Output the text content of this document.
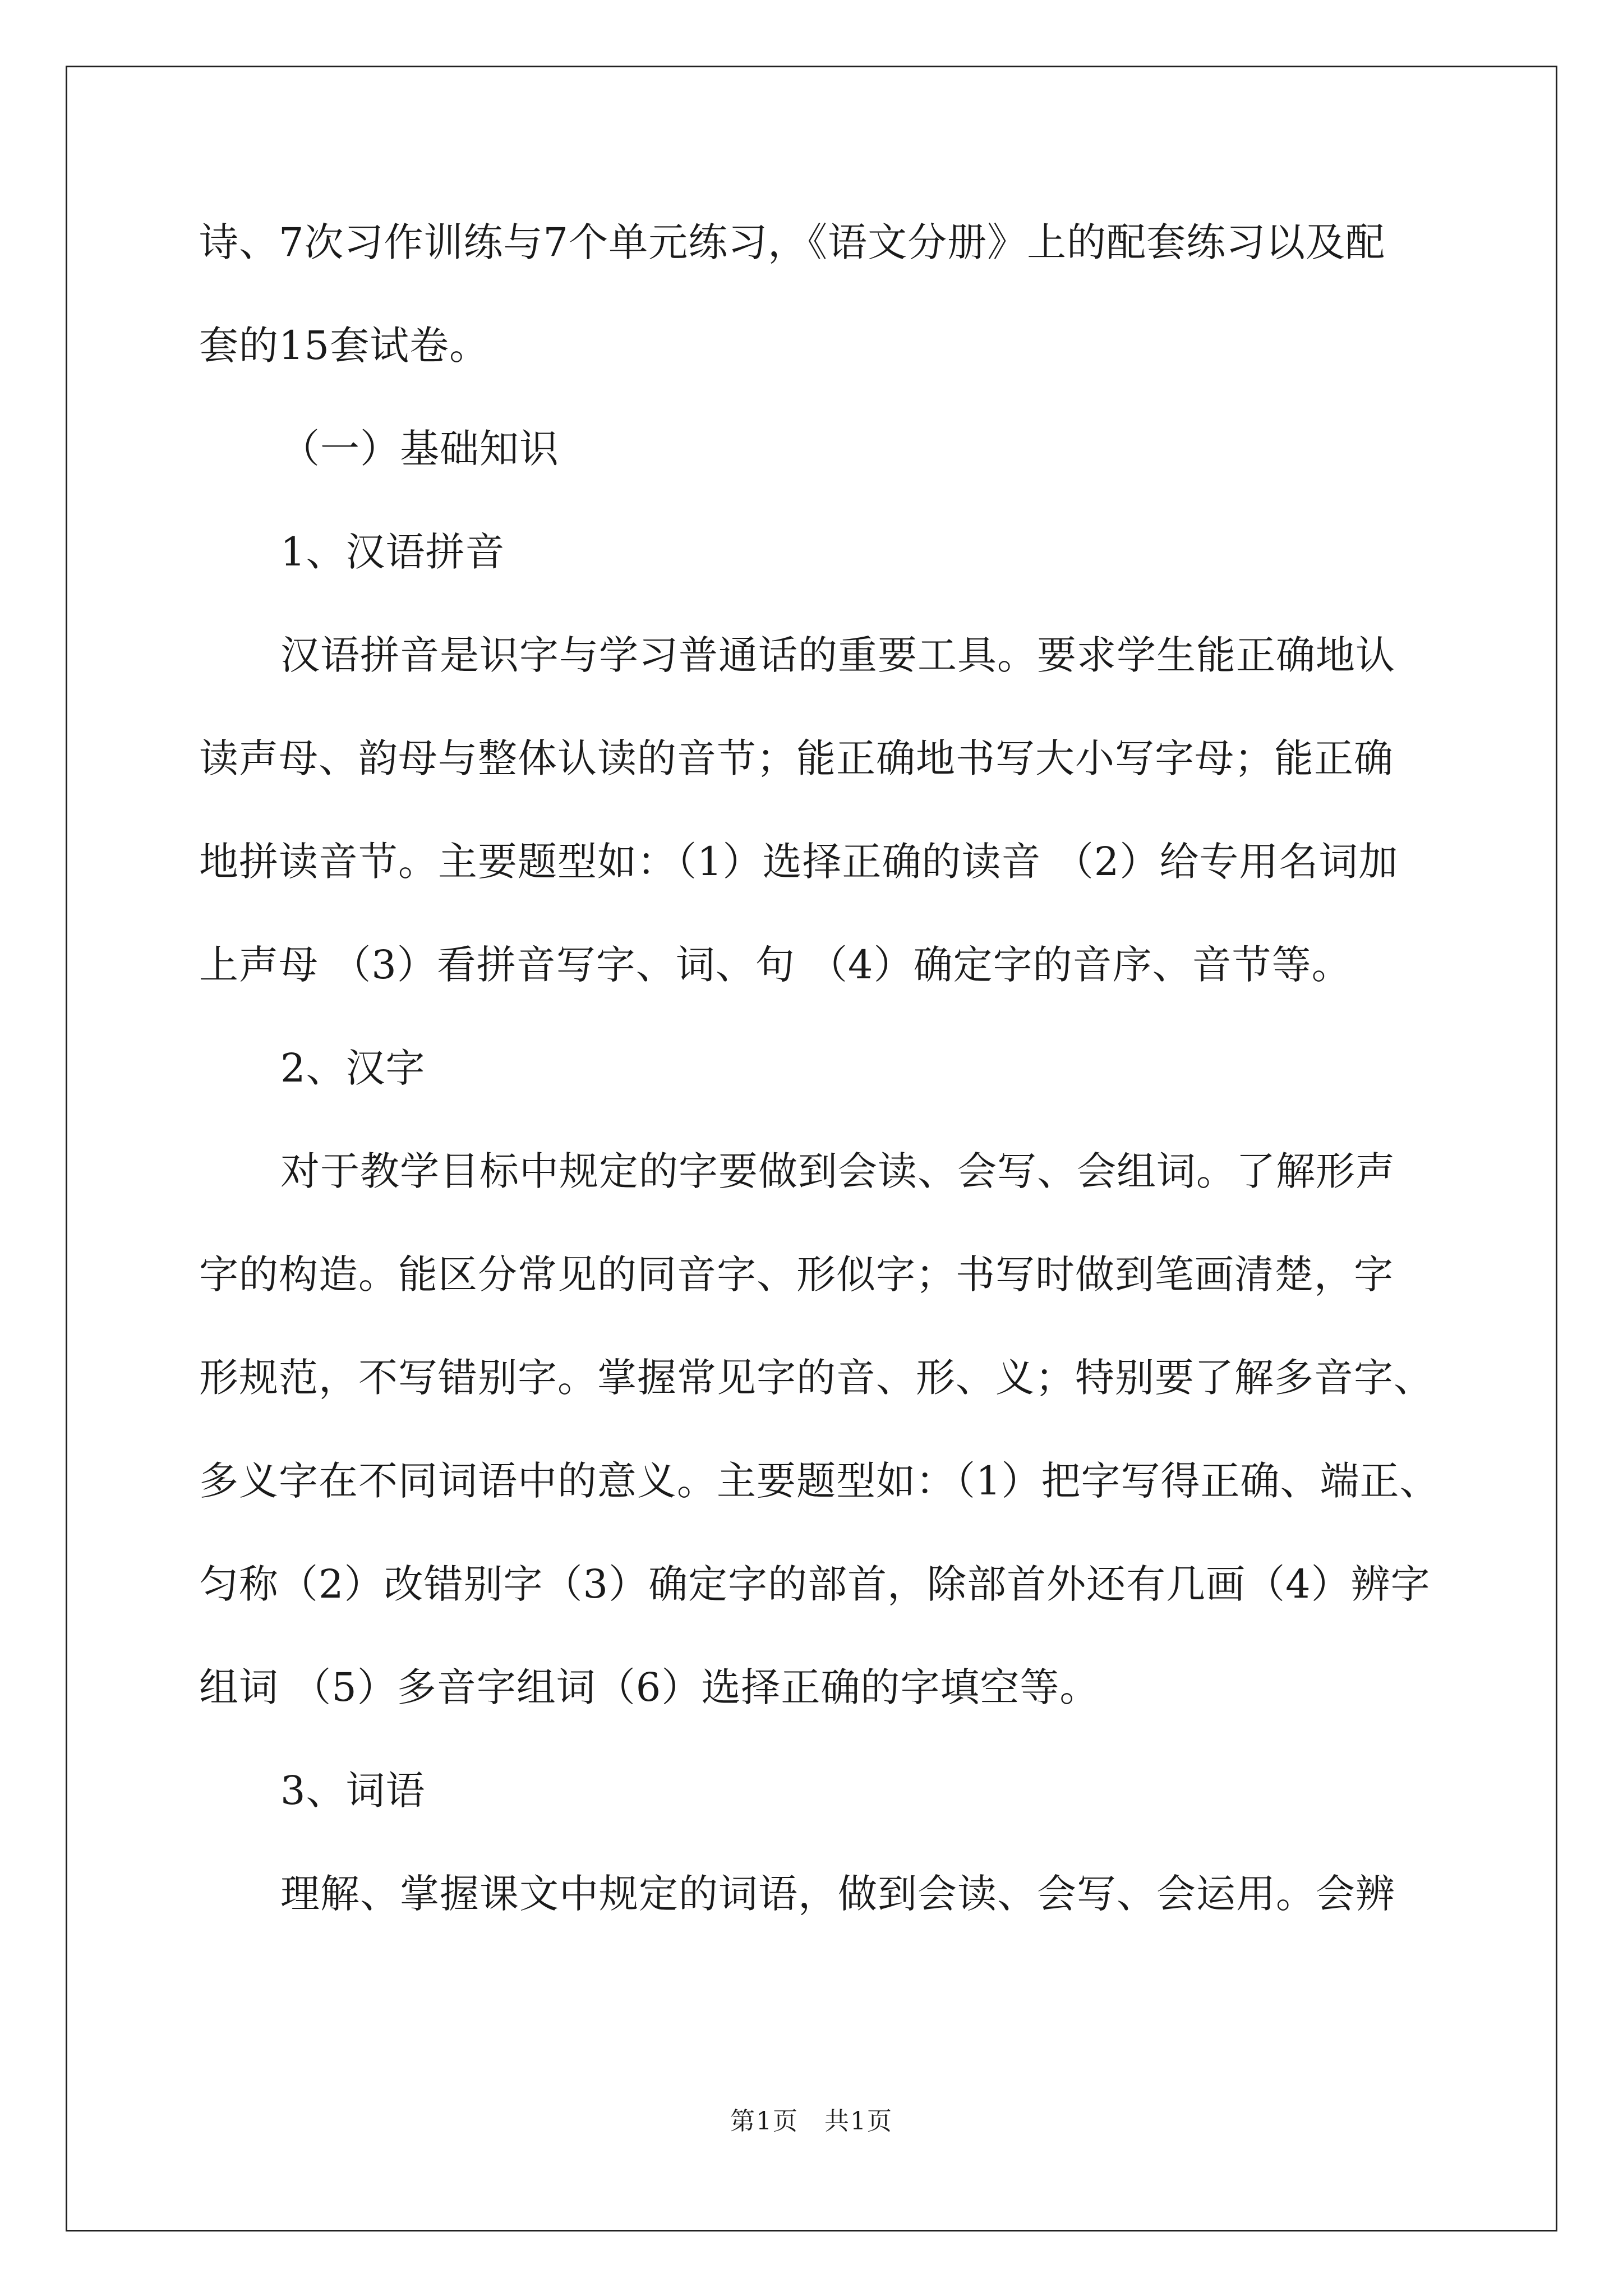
诗、7次习作训练与7个单元练习，《语文分册》上的配套练习以及配
套的15套试卷。
（一）基础知识
1、汉语拼音
汉语拼音是识字与学习普通话的重要工具。要求学生能正确地认
读声母、韵母与整体认读的音节；能正确地书写大小写字母；能正确
地拼读音节。主要题型如：（1）选择正确的读音 （2）给专用名词加
上声母 （3）看拼音写字、词、句 （4）确定字的音序、音节等。
2、汉字
对于教学目标中规定的字要做到会读、会写、会组词。了解形声
字的构造。能区分常见的同音字、形似字；书写时做到笔画清楚，字
形规范，不写错别字。掌握常见字的音、形、义；特别要了解多音字、
多义字在不同词语中的意义。主要题型如：（1）把字写得正确、端正、
匀称（2）改错别字（3）确定字的部首，除部首外还有几画（4）辨字
组词 （5）多音字组词（6）选择正确的字填空等。
3、词语
理解、掌握课文中规定的词语，做到会读、会写、会运用。会辨
第1页　共1页
